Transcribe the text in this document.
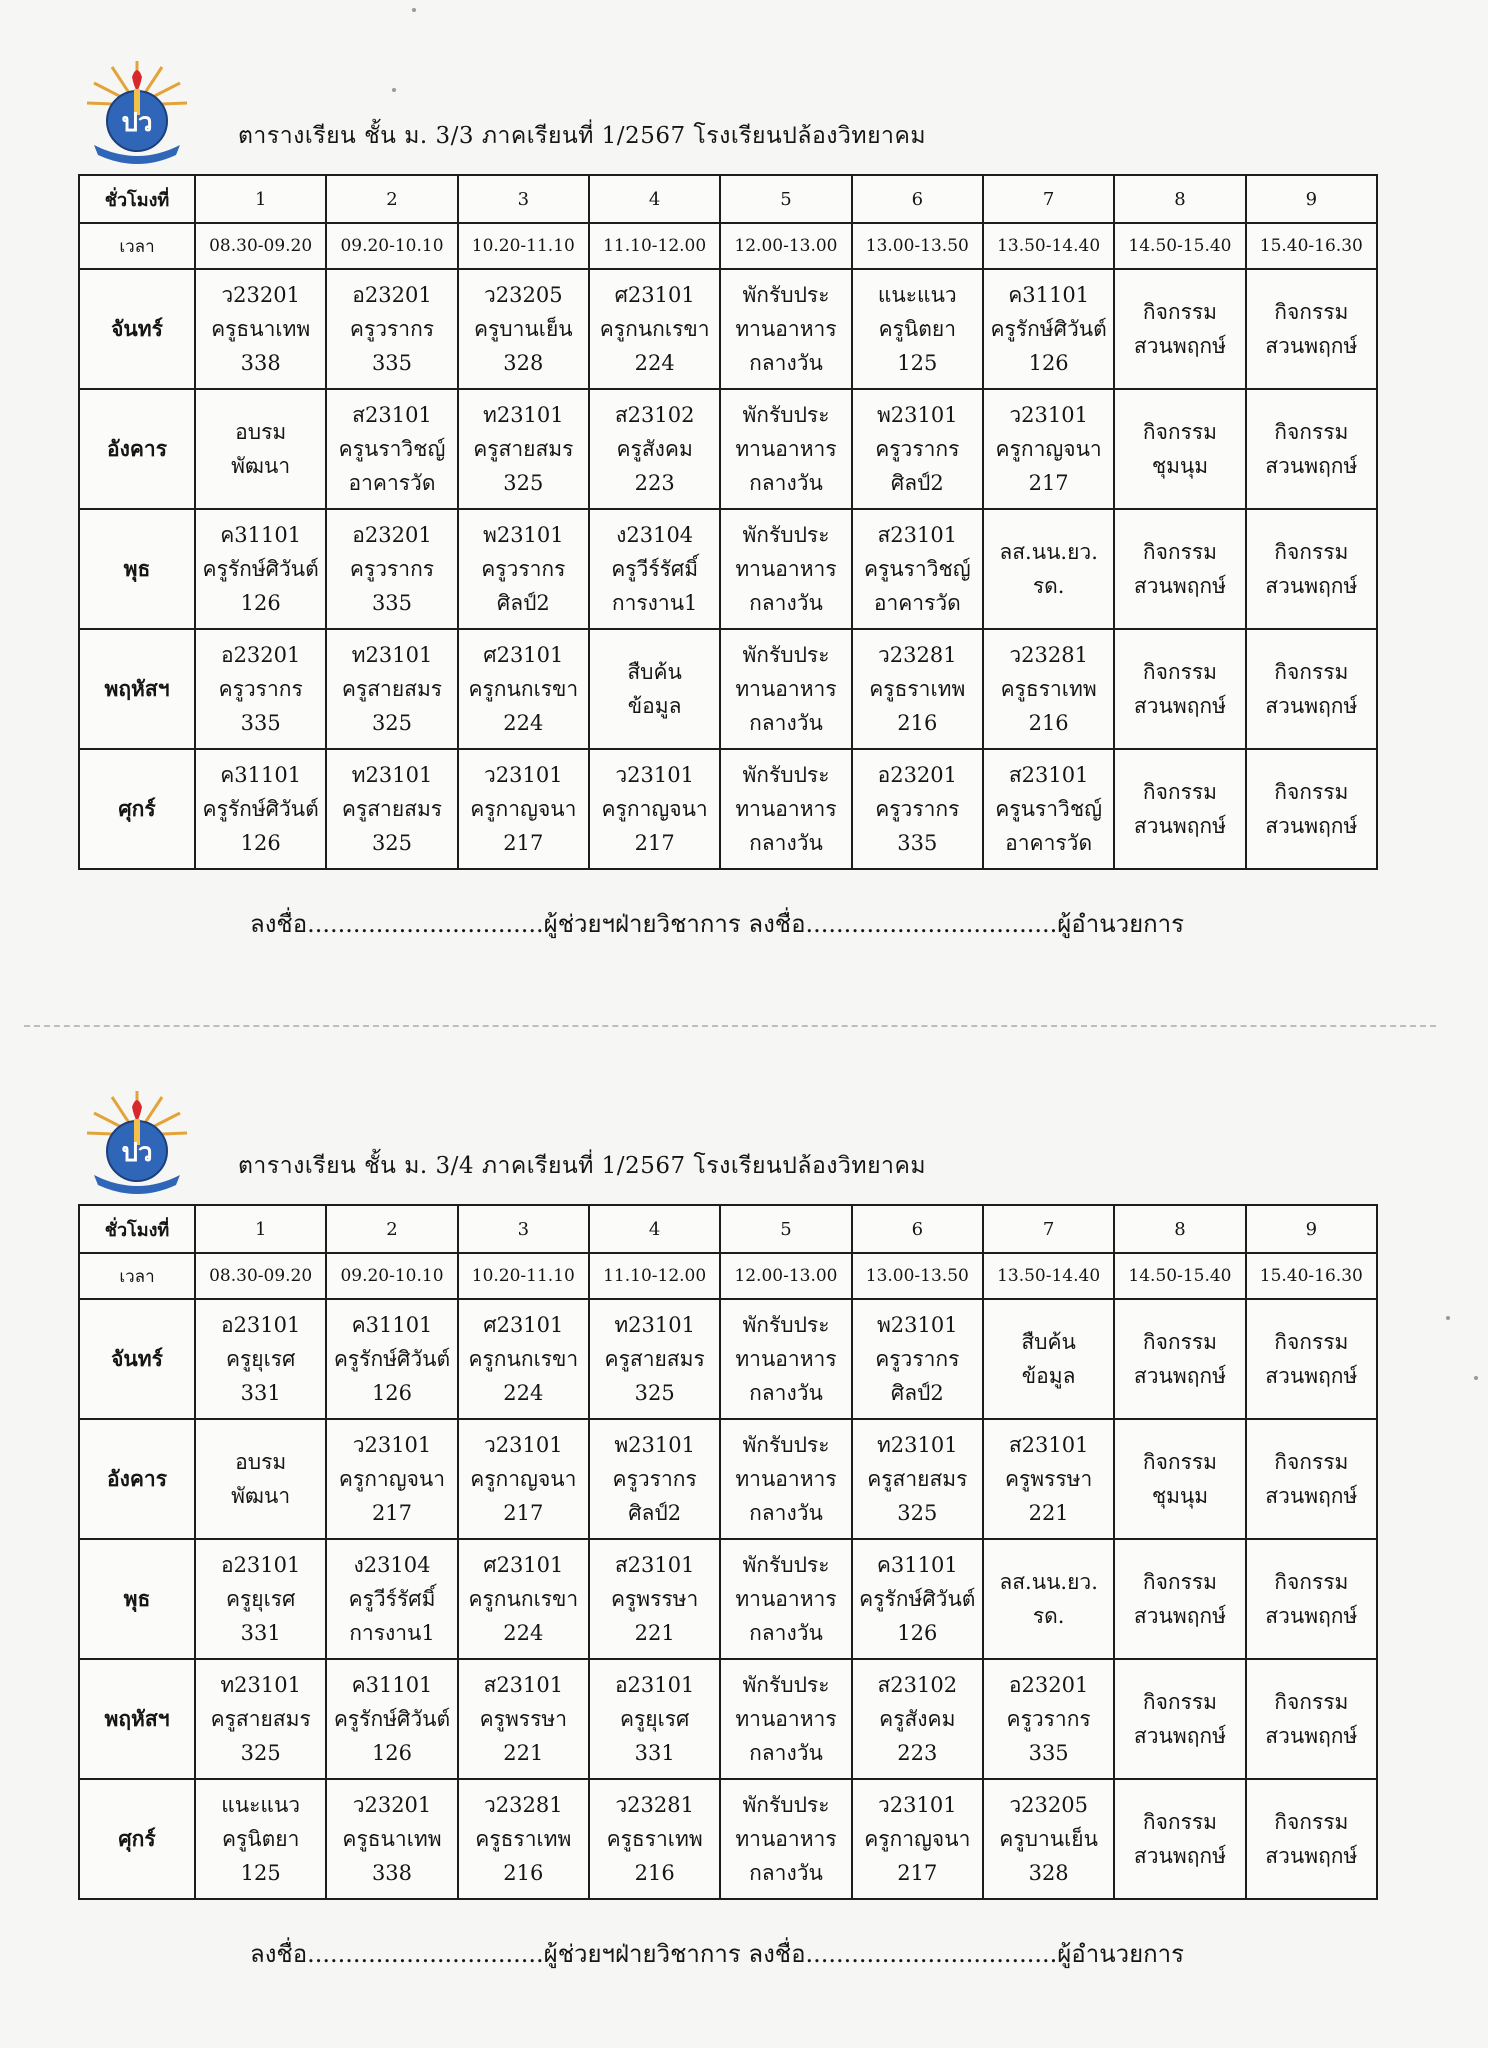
ปว	ตารางเรียน ชั้น ม. 3/3 ภาคเรียนที่ 1/2567 โรงเรียนปล้องวิทยาคม
ชั่วโมงที่	1	2	3	4	5	6	7	8	9
เวลา	08.30-09.20	09.20-10.10	10.20-11.10	11.10-12.00	12.00-13.00	13.00-13.50	13.50-14.40	14.50-15.40	15.40-16.30
จันทร์	ว23201
ครูธนาเทพ
338	อ23201
ครูวรากร
335	ว23205
ครูบานเย็น
328	ศ23101
ครูกนกเรขา
224	พักรับประ
ทานอาหาร
กลางวัน	แนะแนว
ครูนิตยา
125	ค31101
ครูรักษ์ศิวันต์
126	กิจกรรม
สวนพฤกษ์	กิจกรรม
สวนพฤกษ์

อังคาร	อบรม
พัฒนา	ส23101
ครูนราวิชญ์
อาคารวัด	ท23101
ครูสายสมร
325	ส23102
ครูสังคม
223	พักรับประ
ทานอาหาร
กลางวัน	พ23101
ครูวรากร
ศิลป์2	ว23101
ครูกาญจนา
217	กิจกรรม
ชุมนุม	กิจกรรม
สวนพฤกษ์

พุธ	ค31101
ครูรักษ์ศิวันต์
126	อ23201
ครูวรากร
335	พ23101
ครูวรากร
ศิลป์2	ง23104
ครูวีร์รัศมิ์
การงาน1	พักรับประ
ทานอาหาร
กลางวัน	ส23101
ครูนราวิชญ์
อาคารวัด	ลส.นน.ยว.
รด.	กิจกรรม
สวนพฤกษ์	กิจกรรม
สวนพฤกษ์

พฤหัสฯ	อ23201
ครูวรากร
335	ท23101
ครูสายสมร
325	ศ23101
ครูกนกเรขา
224	สืบค้น
ข้อมูล	พักรับประ
ทานอาหาร
กลางวัน	ว23281
ครูธราเทพ
216	ว23281
ครูธราเทพ
216	กิจกรรม
สวนพฤกษ์	กิจกรรม
สวนพฤกษ์

ศุกร์	ค31101
ครูรักษ์ศิวันต์
126	ท23101
ครูสายสมร
325	ว23101
ครูกาญจนา
217	ว23101
ครูกาญจนา
217	พักรับประ
ทานอาหาร
กลางวัน	อ23201
ครูวรากร
335	ส23101
ครูนราวิชญ์
อาคารวัด	กิจกรรม
สวนพฤกษ์	กิจกรรม
สวนพฤกษ์
ลงชื่อ...............................ผู้ช่วยฯฝ่ายวิชาการ ลงชื่อ.................................ผู้อำนวยการ
ปว	ตารางเรียน ชั้น ม. 3/4 ภาคเรียนที่ 1/2567 โรงเรียนปล้องวิทยาคม
ชั่วโมงที่	1	2	3	4	5	6	7	8	9
เวลา	08.30-09.20	09.20-10.10	10.20-11.10	11.10-12.00	12.00-13.00	13.00-13.50	13.50-14.40	14.50-15.40	15.40-16.30
จันทร์	อ23101
ครูยุเรศ
331	ค31101
ครูรักษ์ศิวันต์
126	ศ23101
ครูกนกเรขา
224	ท23101
ครูสายสมร
325	พักรับประ
ทานอาหาร
กลางวัน	พ23101
ครูวรากร
ศิลป์2	สืบค้น
ข้อมูล	กิจกรรม
สวนพฤกษ์	กิจกรรม
สวนพฤกษ์

อังคาร	อบรม
พัฒนา	ว23101
ครูกาญจนา
217	ว23101
ครูกาญจนา
217	พ23101
ครูวรากร
ศิลป์2	พักรับประ
ทานอาหาร
กลางวัน	ท23101
ครูสายสมร
325	ส23101
ครูพรรษา
221	กิจกรรม
ชุมนุม	กิจกรรม
สวนพฤกษ์

พุธ	อ23101
ครูยุเรศ
331	ง23104
ครูวีร์รัศมิ์
การงาน1	ศ23101
ครูกนกเรขา
224	ส23101
ครูพรรษา
221	พักรับประ
ทานอาหาร
กลางวัน	ค31101
ครูรักษ์ศิวันต์
126	ลส.นน.ยว.
รด.	กิจกรรม
สวนพฤกษ์	กิจกรรม
สวนพฤกษ์

พฤหัสฯ	ท23101
ครูสายสมร
325	ค31101
ครูรักษ์ศิวันต์
126	ส23101
ครูพรรษา
221	อ23101
ครูยุเรศ
331	พักรับประ
ทานอาหาร
กลางวัน	ส23102
ครูสังคม
223	อ23201
ครูวรากร
335	กิจกรรม
สวนพฤกษ์	กิจกรรม
สวนพฤกษ์

ศุกร์	แนะแนว
ครูนิตยา
125	ว23201
ครูธนาเทพ
338	ว23281
ครูธราเทพ
216	ว23281
ครูธราเทพ
216	พักรับประ
ทานอาหาร
กลางวัน	ว23101
ครูกาญจนา
217	ว23205
ครูบานเย็น
328	กิจกรรม
สวนพฤกษ์	กิจกรรม
สวนพฤกษ์
ลงชื่อ...............................ผู้ช่วยฯฝ่ายวิชาการ ลงชื่อ.................................ผู้อำนวยการ
